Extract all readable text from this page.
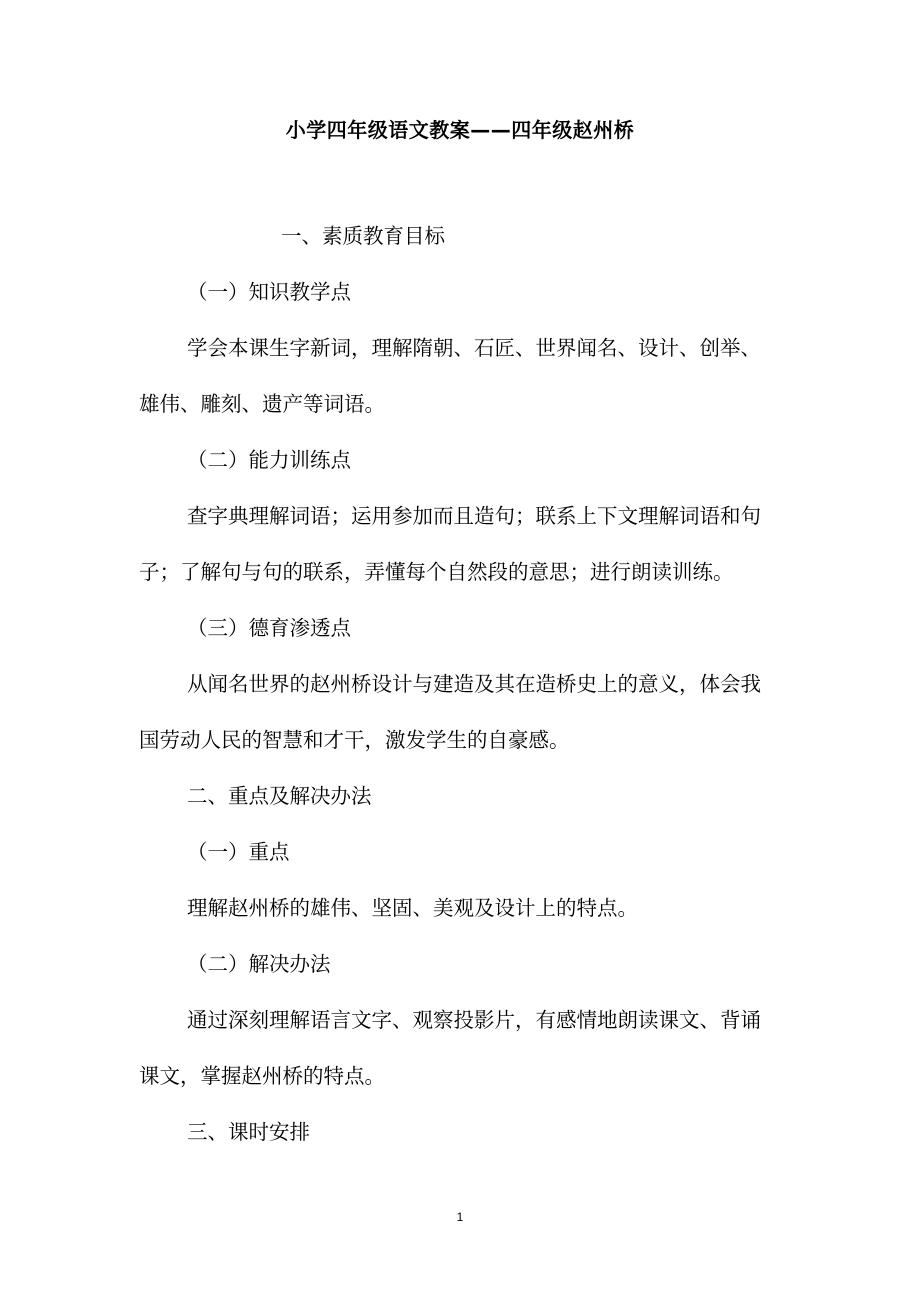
小学四年级语文教案——四年级赵州桥
一、素质教育目标
（一）知识教学点
学会本课生字新词，理解隋朝、石匠、世界闻名、设计、创举、
雄伟、雕刻、遗产等词语。
（二）能力训练点
查字典理解词语；运用参加而且造句；联系上下文理解词语和句
子；了解句与句的联系，弄懂每个自然段的意思；进行朗读训练。
（三）德育渗透点
从闻名世界的赵州桥设计与建造及其在造桥史上的意义，体会我
国劳动人民的智慧和才干，激发学生的自豪感。
二、重点及解决办法
（一）重点
理解赵州桥的雄伟、坚固、美观及设计上的特点。
（二）解决办法
通过深刻理解语言文字、观察投影片，有感情地朗读课文、背诵
课文，掌握赵州桥的特点。
三、课时安排
1
